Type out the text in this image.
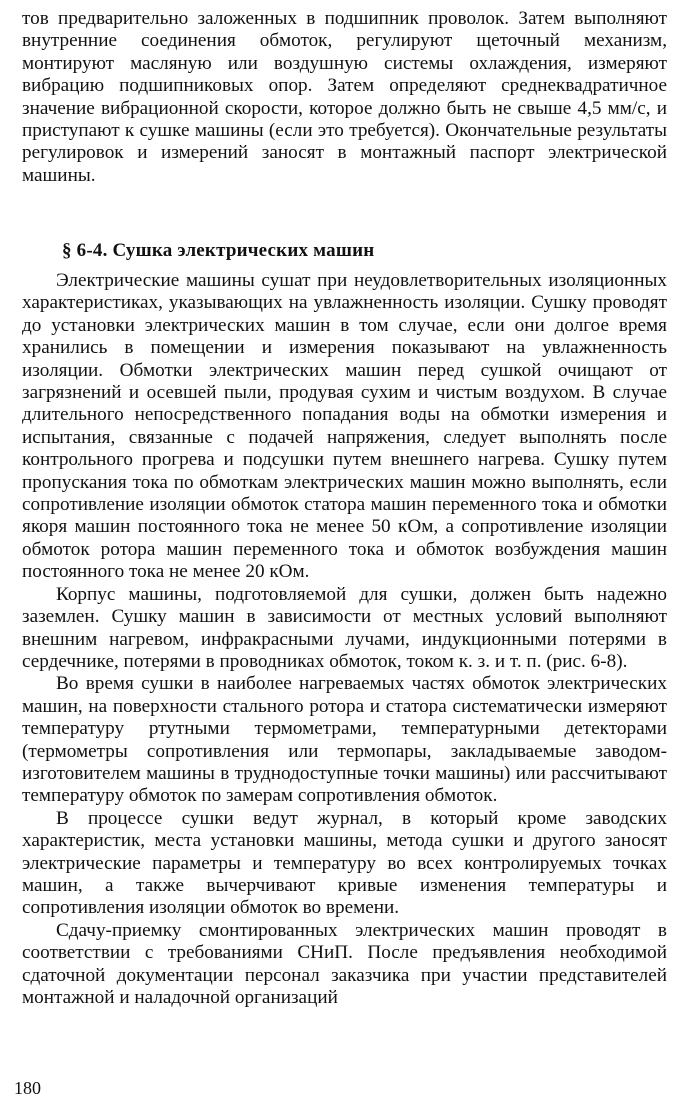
тов предварительно заложенных в подшипник проволок. Затем выполняют внутренние соединения обмоток, регулируют щеточный механизм, монтируют масляную или воздушную системы охлаждения, измеряют вибрацию подшипниковых опор. Затем определяют среднеквадратичное значение вибрационной скорости, которое должно быть не свыше 4,5 мм/с, и приступают к сушке машины (если это требуется). Окончательные результаты регулировок и измерений заносят в монтажный паспорт электрической машины.

§ 6-4. Сушка электрических машин

Электрические машины сушат при неудовлетворительных изоляционных характеристиках, указывающих на увлажненность изоляции. Сушку проводят до установки электрических машин в том случае, если они долгое время хранились в помещении и измерения показывают на увлажненность изоляции. Обмотки электрических машин перед сушкой очищают от загрязнений и осевшей пыли, продувая сухим и чистым воздухом. В случае длительного непосредственного попадания воды на обмотки измерения и испытания, связанные с подачей напряжения, следует выполнять после контрольного прогрева и подсушки путем внешнего нагрева. Сушку путем пропускания тока по обмоткам электрических машин можно выполнять, если сопротивление изоляции обмоток статора машин переменного тока и обмотки якоря машин постоянного тока не менее 50 кОм, а сопротивление изоляции обмоток ротора машин переменного тока и обмоток возбуждения машин постоянного тока не менее 20 кОм.

Корпус машины, подготовляемой для сушки, должен быть надежно заземлен. Сушку машин в зависимости от местных условий выполняют внешним нагревом, инфракрасными лучами, индукционными потерями в сердечнике, потерями в проводниках обмоток, током к. з. и т. п. (рис. 6-8).

Во время сушки в наиболее нагреваемых частях обмоток электрических машин, на поверхности стального ротора и статора систематически измеряют температуру ртутными термометрами, температурными детекторами (термометры сопротивления или термопары, закладываемые заводом-изготовителем машины в труднодоступные точки машины) или рассчитывают температуру обмоток по замерам сопротивления обмоток.

В процессе сушки ведут журнал, в который кроме заводских характеристик, места установки машины, метода сушки и другого заносят электрические параметры и температуру во всех контролируемых точках машин, а также вычерчивают кривые изменения температуры и сопротивления изоляции обмоток во времени.

Сдачу-приемку смонтированных электрических машин проводят в соответствии с требованиями СНиП. После предъявления необходимой сдаточной документации персонал заказчика при участии представителей монтажной и наладочной организаций

180
